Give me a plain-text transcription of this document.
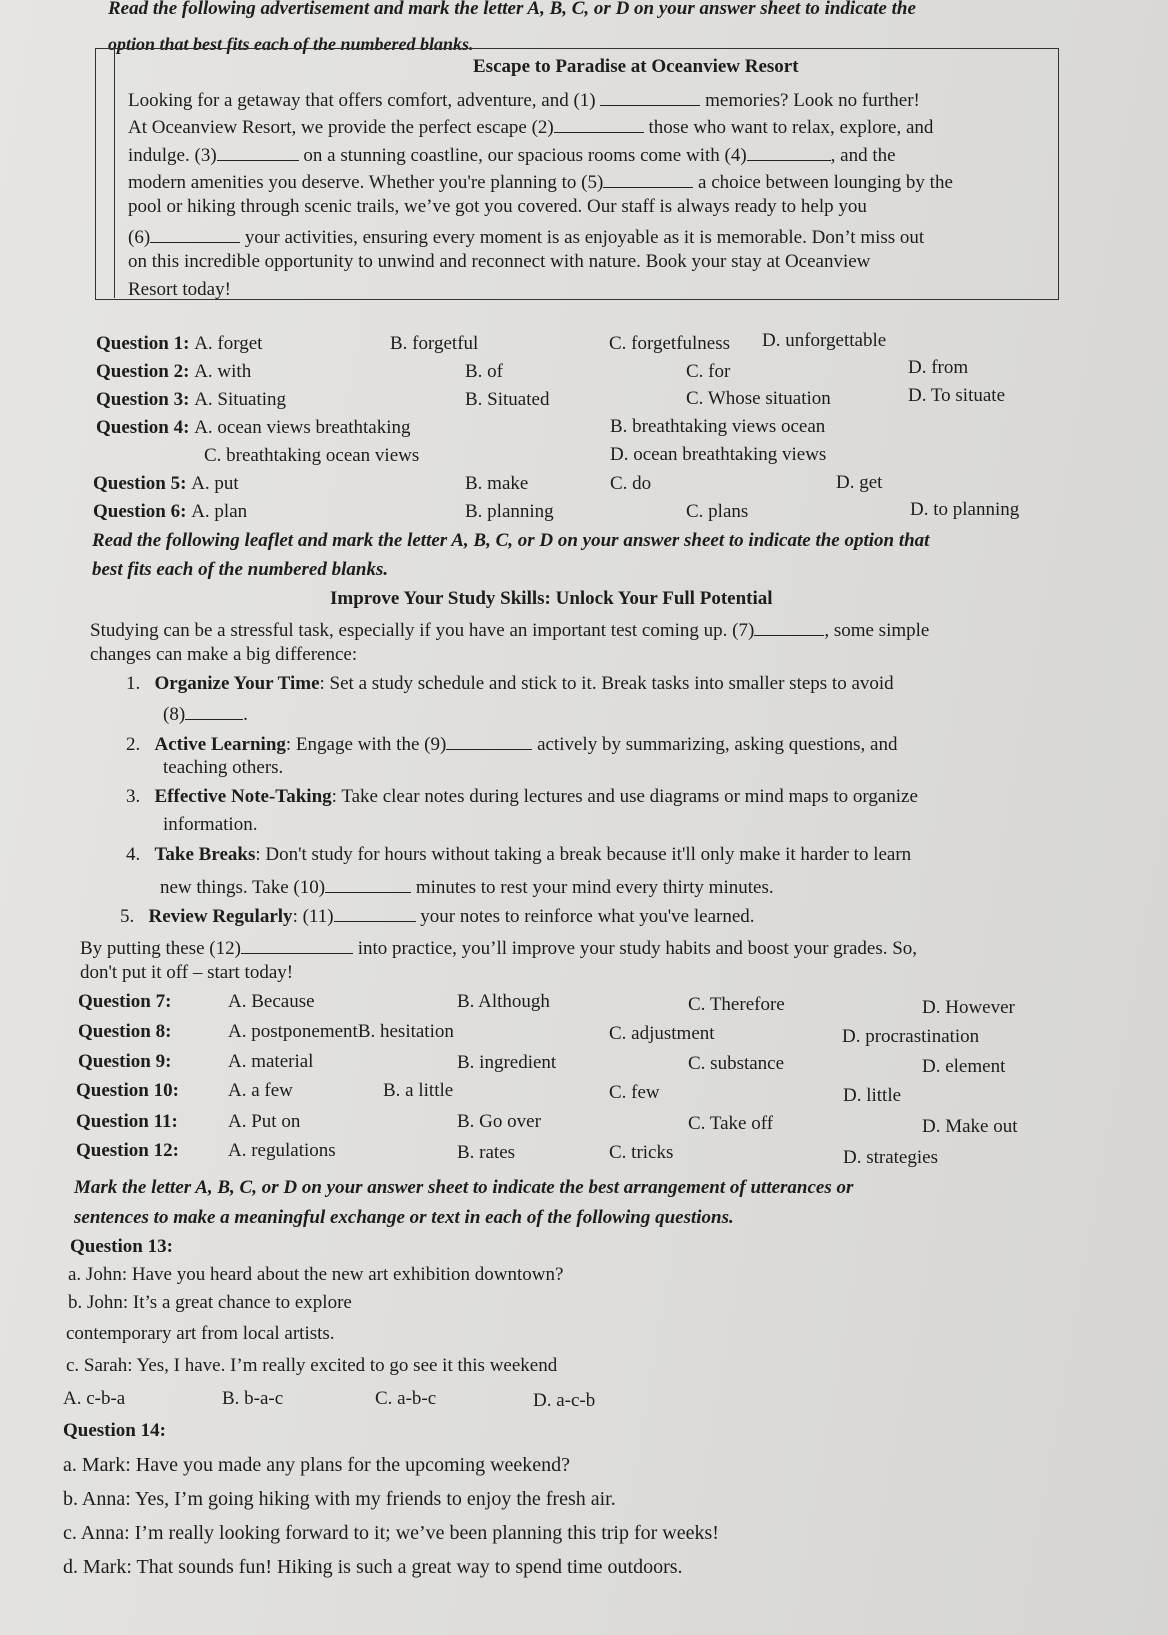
Read the following advertisement and mark the letter A, B, C, or D on your answer sheet to indicate the
option that best fits each of the numbered blanks.
Escape to Paradise at Oceanview Resort
Looking for a getaway that offers comfort, adventure, and (1)	memories? Look no further!
At Oceanview Resort, we provide the perfect escape (2)	those who want to relax, explore, and
indulge. (3)	on a stunning coastline, our spacious rooms come with (4)	, and the
modern amenities you deserve. Whether you're planning to (5)	a choice between lounging by the
pool or hiking through scenic trails, we’ve got you covered. Our staff is always ready to help you
(6)	your activities, ensuring every moment is as enjoyable as it is memorable. Don’t miss out
on this incredible opportunity to unwind and reconnect with nature. Book your stay at Oceanview
Resort today!
Question 1: A. forget	B. forgetful	C. forgetfulness D. unforgettable
Question 2: A. with	B. of	C. for	D. from
Question 3: A. Situating	B. Situated	C. Whose situation	D. To situate
Question 4: A. ocean views breathtaking	B. breathtaking views ocean
C. breathtaking ocean views	D. ocean breathtaking views
Question 5: A. put	B. make	C. do	D. get
Question 6: A. plan	B. planning	C. plans	D. to planning
Read the following leaflet and mark the letter A, B, C, or D on your answer sheet to indicate the option that
best fits each of the numbered blanks.
Improve Your Study Skills: Unlock Your Full Potential
Studying can be a stressful task, especially if you have an important test coming up. (7)	, some simple
changes can make a big difference:
1. Organize Your Time: Set a study schedule and stick to it. Break tasks into smaller steps to avoid
(8)	.
2. Active Learning: Engage with the (9)	actively by summarizing, asking questions, and
teaching others.
3. Effective Note-Taking: Take clear notes during lectures and use diagrams or mind maps to organize
information.
4. Take Breaks: Don't study for hours without taking a break because it'll only make it harder to learn
new things. Take (10)	minutes to rest your mind every thirty minutes.
5. Review Regularly: (11)	your notes to reinforce what you've learned.
By putting these (12)	into practice, you’ll improve your study habits and boost your grades. So,
don't put it off – start today!
Question 7:	A. Because	B. Although	C. Therefore	D. However
Question 8:	A. postponementB. hesitation	C. adjustment	D. procrastination
Question 9:	A. material	B. ingredient	C. substance	D. element
Question 10:	A. a few	B. a little	C. few	D. little
Question 11:	A. Put on	B. Go over	C. Take off	D. Make out
Question 12:	A. regulations	B. rates	C. tricks	D. strategies
Mark the letter A, B, C, or D on your answer sheet to indicate the best arrangement of utterances or
sentences to make a meaningful exchange or text in each of the following questions.
Question 13:
a. John: Have you heard about the new art exhibition downtown?
b. John: It’s a great chance to explore
contemporary art from local artists.
c. Sarah: Yes, I have. I’m really excited to go see it this weekend
A. c-b-a	B. b-a-c	C. a-b-c	D. a-c-b
Question 14:
a. Mark: Have you made any plans for the upcoming weekend?
b. Anna: Yes, I’m going hiking with my friends to enjoy the fresh air.
c. Anna: I’m really looking forward to it; we’ve been planning this trip for weeks!
d. Mark: That sounds fun! Hiking is such a great way to spend time outdoors.
